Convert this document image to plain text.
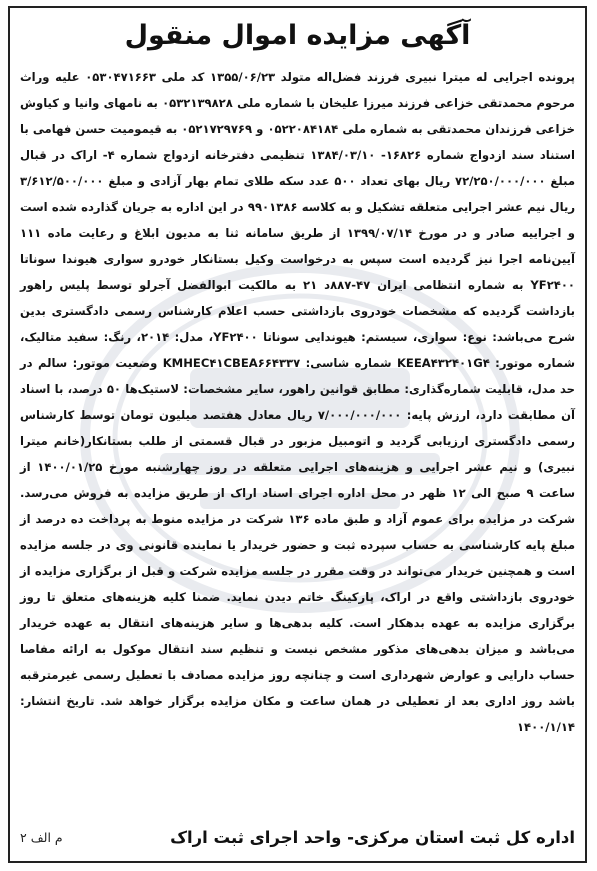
آگهی مزایده اموال منقول

پرونده اجرایی له میترا نبیری فرزند فضل‌اله متولد ۱۳۵۵/۰۶/۲۳ کد ملی ۰۵۳۰۴۷۱۶۶۳ علیه وراث مرحوم محمدتقی خزاعی فرزند میرزا علیخان با شماره ملی ۰۵۳۲۱۳۹۸۲۸ به نامهای وانیا و کیاوش خزاعی فرزندان محمدتقی به شماره ملی ۰۵۲۲۰۸۴۱۸۴ و ۰۵۲۱۷۲۹۷۶۹ به قیمومیت حسن فهامی با استناد سند ازدواج شماره ۱۶۸۲۶- ۱۳۸۴/۰۳/۱۰ تنظیمی دفترخانه ازدواج شماره ۴- اراک در قبال مبلغ ۷۲/۲۵۰/۰۰۰/۰۰۰ ریال بهای تعداد ۵۰۰ عدد سکه طلای تمام بهار آزادی و مبلغ ۳/۶۱۲/۵۰۰/۰۰۰ ریال نیم عشر اجرایی متعلقه تشکیل و به کلاسه ۹۹۰۱۳۸۶ در این اداره به جریان گذارده شده است و اجراییه صادر و در مورخ ۱۳۹۹/۰۷/۱۴ از طریق سامانه ثنا به مدیون ابلاغ و رعایت ماده ۱۱۱ آیین‌نامه اجرا نیز گردیده است سپس به درخواست وکیل بستانکار خودرو سواری هیوندا سوناتا YF۲۴۰۰ به شماره انتظامی ایران ۴۷-۸۸۷د ۲۱ به مالکیت ابوالفضل آجرلو توسط پلیس راهور بازداشت گردیده که مشخصات خودروی بازداشتی حسب اعلام کارشناس رسمی دادگستری بدین شرح می‌باشد: نوع: سواری، سیستم: هیوندایی سوناتا YF۲۴۰۰، مدل: ۲۰۱۴، رنگ: سفید متالیک، شماره موتور: KEEA۴۳۲۴۰۱G۴ شماره شاسی: KMHEC۴۱CBEA۶۶۴۳۳۷ وضعیت موتور: سالم در حد مدل، قابلیت شماره‌گذاری: مطابق قوانین راهور، سایر مشخصات: لاستیک‌ها ۵۰ درصد، با اسناد آن مطابقت دارد، ارزش پایه: ۷/۰۰۰/۰۰۰/۰۰۰ ریال معادل هفتصد میلیون تومان توسط کارشناس رسمی دادگستری ارزیابی گردید و اتومبیل مزبور در قبال قسمتی از طلب بستانکار(خانم میترا نبیری) و نیم عشر اجرایی و هزینه‌های اجرایی متعلقه در روز چهارشنبه مورخ ۱۴۰۰/۰۱/۲۵ از ساعت ۹ صبح الی ۱۲ ظهر در محل اداره اجرای اسناد اراک از طریق مزایده به فروش می‌رسد. شرکت در مزایده برای عموم آزاد و طبق ماده ۱۳۶ شرکت در مزایده منوط به پرداخت ده درصد از مبلغ پایه کارشناسی به حساب سپرده ثبت و حضور خریدار یا نماینده قانونی وی در جلسه مزایده است و همچنین خریدار می‌تواند در وقت مقرر در جلسه مزایده شرکت و قبل از برگزاری مزایده از خودروی بازداشتی واقع در اراک، پارکینگ خاتم دیدن نماید. ضمنا کلیه هزینه‌های متعلق تا روز برگزاری مزایده به عهده بدهکار است. کلیه بدهی‌ها و سایر هزینه‌های انتقال به عهده خریدار می‌باشد و میزان بدهی‌های مذکور مشخص نیست و تنظیم سند انتقال موکول به ارائه مفاصا حساب دارایی و عوارض شهرداری است و چنانچه روز مزایده مصادف با تعطیل رسمی غیرمترقبه باشد روز اداری بعد از تعطیلی در همان ساعت و مکان مزایده برگزار خواهد شد. تاریخ انتشار: ۱۴۰۰/۱/۱۴

اداره کل ثبت استان مرکزی- واحد اجرای ثبت اراک
م الف ۲
